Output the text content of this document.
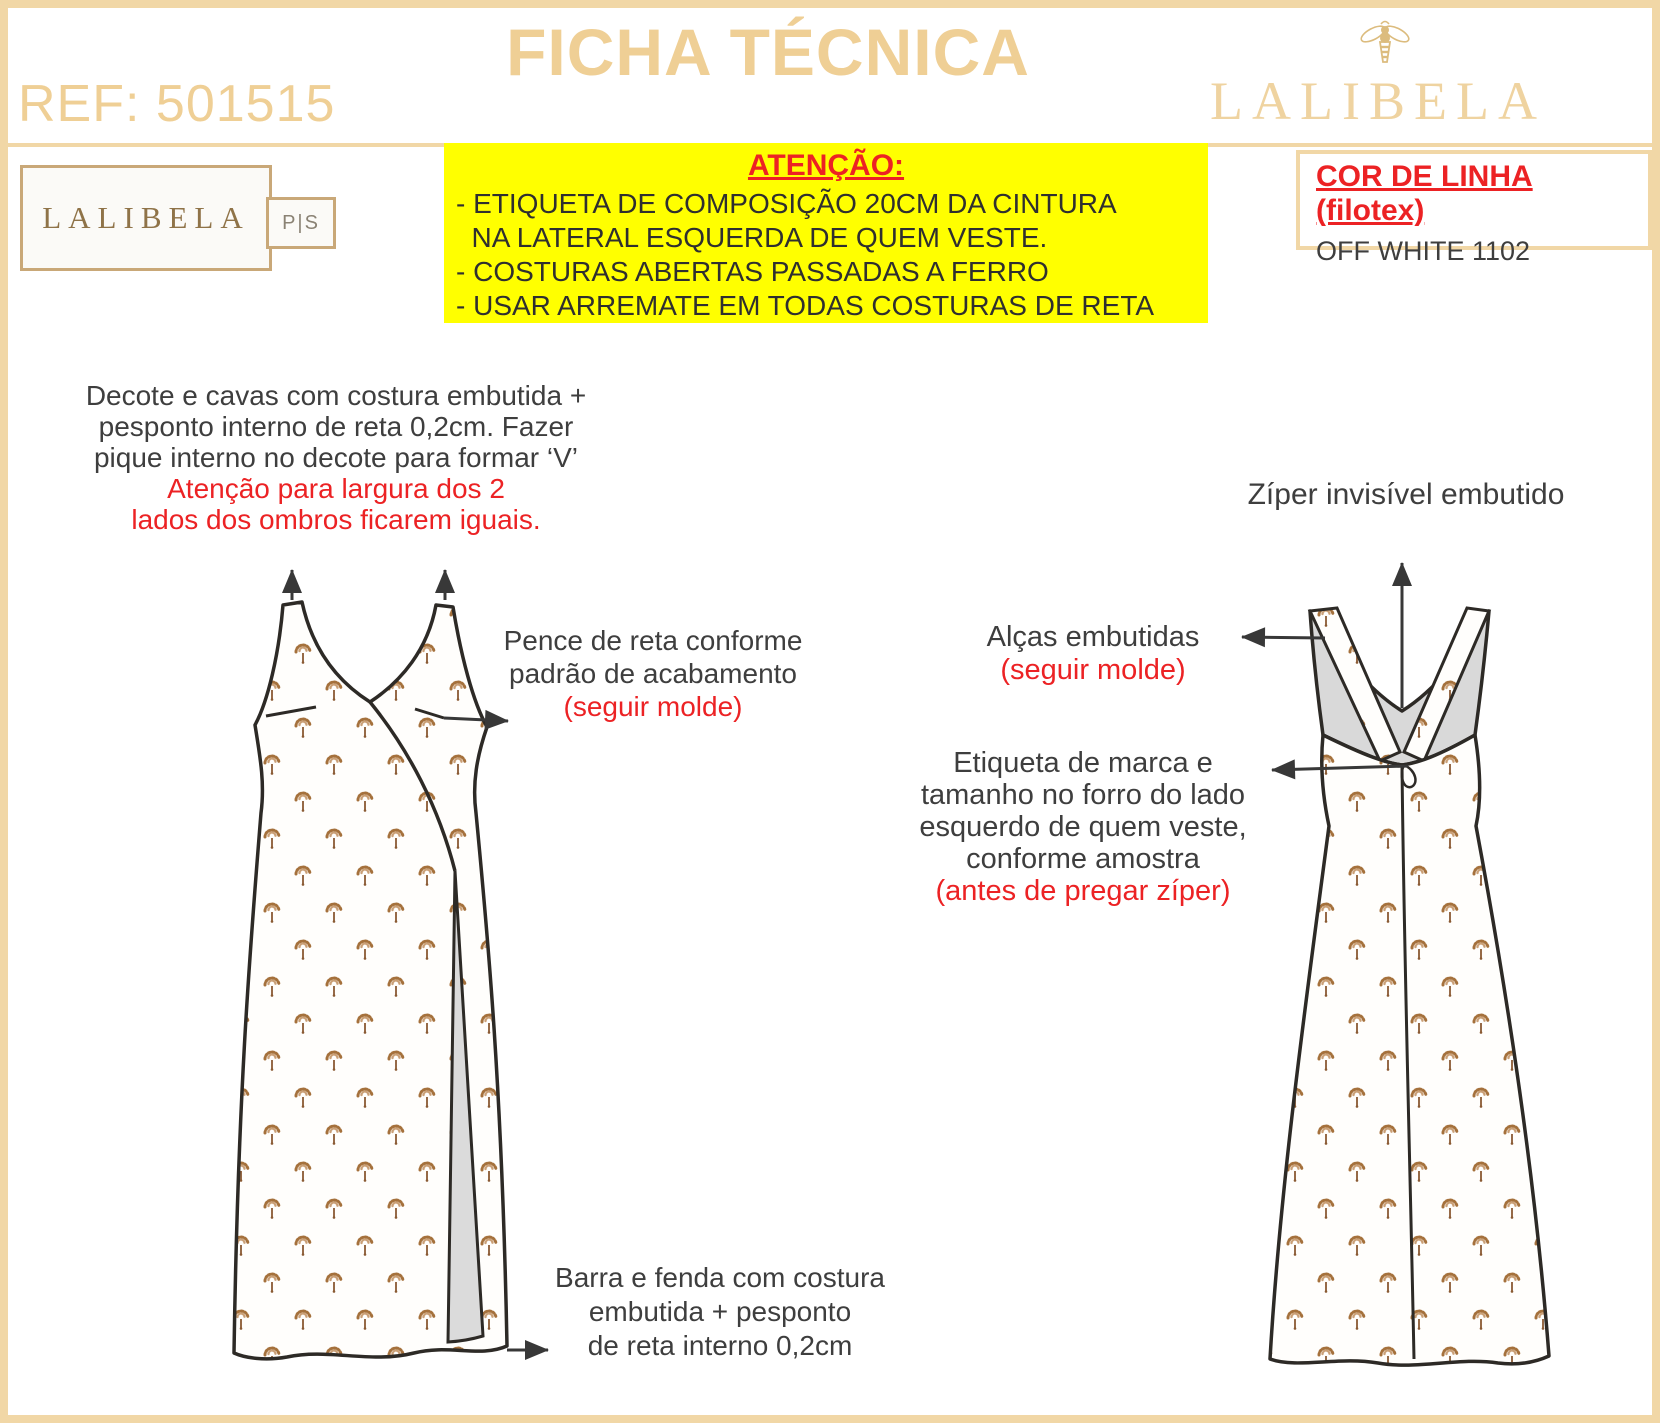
FICHA TÉCNICA
REF: 501515	LALIBELA
LALIBELA P|S
ATENÇÃO:
- ETIQUETA DE COMPOSIÇÃO 20CM DA CINTURA
NA LATERAL ESQUERDA DE QUEM VESTE.
- COSTURAS ABERTAS PASSADAS A FERRO
- USAR ARREMATE EM TODAS COSTURAS DE RETA
COR DE LINHA (filotex)
OFF WHITE 1102
Decote e cavas com costura embutida +
pesponto interno de reta 0,2cm. Fazer
pique interno no decote para formar ‘V’
Atenção para largura dos 2
lados dos ombros ficarem iguais.
Pence de reta conforme
padrão de acabamento
(seguir molde)
Barra e fenda com costura
embutida + pesponto
de reta interno 0,2cm
Zíper invisível embutido
Alças embutidas
(seguir molde)
Etiqueta de marca e
tamanho no forro do lado
esquerdo de quem veste,
conforme amostra
(antes de pregar zíper)
